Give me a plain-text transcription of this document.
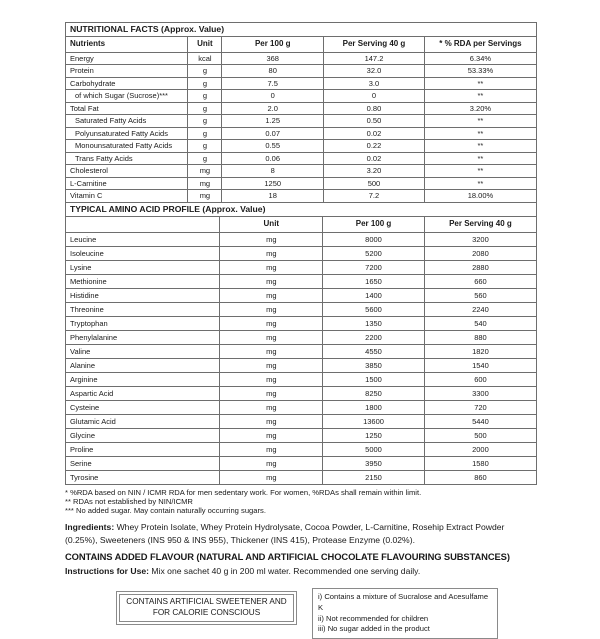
NUTRITIONAL FACTS (Approx. Value)				
Nutrients	Unit	Per 100 g	Per Serving 40 g	* % RDA per Servings
Energy	kcal	368	147.2	6.34%
Protein	g	80	32.0	53.33%
Carbohydrate	g	7.5	3.0	**
of which Sugar (Sucrose)***	g	0	0	**
Total Fat	g	2.0	0.80	3.20%
Saturated Fatty Acids	g	1.25	0.50	**
Polyunsaturated Fatty Acids	g	0.07	0.02	**
Monounsaturated Fatty Acids	g	0.55	0.22	**
Trans Fatty Acids	g	0.06	0.02	**
Cholesterol	mg	8	3.20	**
L-Carnitine	mg	1250	500	**
Vitamin C	mg	18	7.2	18.00%
TYPICAL AMINO ACID PROFILE (Approx. Value)			
	Unit	Per 100 g	Per Serving 40 g
Leucine	mg	8000	3200
Isoleucine	mg	5200	2080
Lysine	mg	7200	2880
Methionine	mg	1650	660
Histidine	mg	1400	560
Threonine	mg	5600	2240
Tryptophan	mg	1350	540
Phenylalanine	mg	2200	880
Valine	mg	4550	1820
Alanine	mg	3850	1540
Arginine	mg	1500	600
Aspartic Acid	mg	8250	3300
Cysteine	mg	1800	720
Glutamic Acid	mg	13600	5440
Glycine	mg	1250	500
Proline	mg	5000	2000
Serine	mg	3950	1580
Tyrosine	mg	2150	860
* %RDA based on NIN / ICMR RDA for men sedentary work. For women, %RDAs shall remain within limit.
** RDAs not established by NIN/ICMR
*** No added sugar. May contain naturally occurring sugars.
Ingredients: Whey Protein Isolate, Whey Protein Hydrolysate, Cocoa Powder, L-Carnitine, Rosehip Extract Powder (0.25%), Sweeteners (INS 950 & INS 955), Thickener (INS 415), Protease Enzyme (0.02%).
CONTAINS ADDED FLAVOUR (NATURAL AND ARTIFICIAL CHOCOLATE FLAVOURING SUBSTANCES)
Instructions for Use: Mix one sachet 40 g in 200 ml water. Recommended one serving daily.
CONTAINS ARTIFICIAL SWEETENER AND
FOR CALORIE CONSCIOUS
i) Contains a mixture of Sucralose and Acesulfame K
ii) Not recommended for children
iii) No sugar added in the product
